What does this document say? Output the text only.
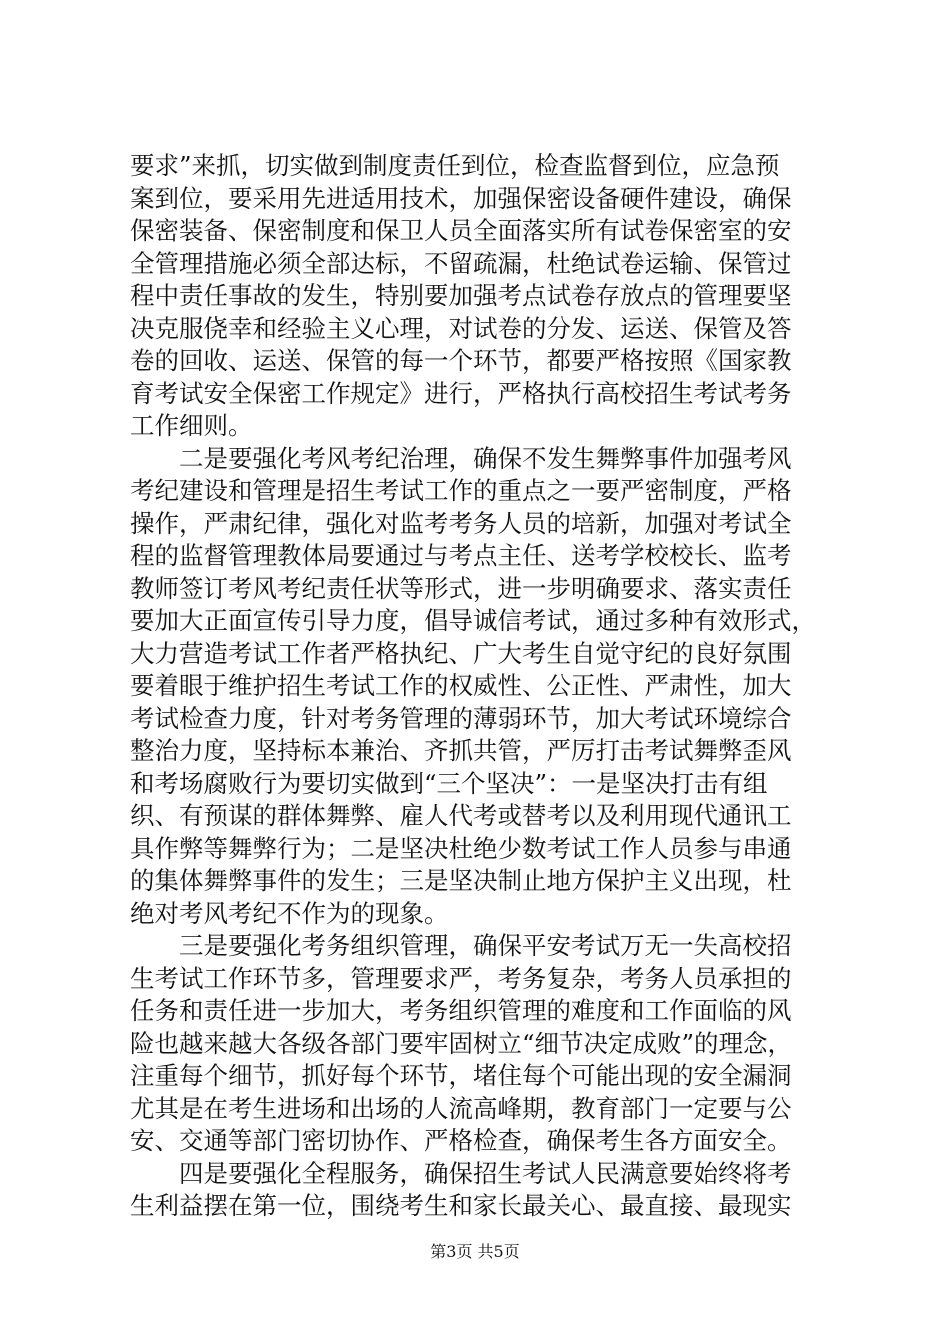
要求”来抓，切实做到制度责任到位，检查监督到位，应急预
案到位，要采用先进适用技术，加强保密设备硬件建设，确保
保密装备、保密制度和保卫人员全面落实所有试卷保密室的安
全管理措施必须全部达标，不留疏漏，杜绝试卷运输、保管过
程中责任事故的发生，特别要加强考点试卷存放点的管理要坚
决克服侥幸和经验主义心理，对试卷的分发、运送、保管及答
卷的回收、运送、保管的每一个环节，都要严格按照《国家教
育考试安全保密工作规定》进行，严格执行高校招生考试考务
工作细则。
二是要强化考风考纪治理，确保不发生舞弊事件加强考风
考纪建设和管理是招生考试工作的重点之一要严密制度，严格
操作，严肃纪律，强化对监考考务人员的培新，加强对考试全
程的监督管理教体局要通过与考点主任、送考学校校长、监考
教师签订考风考纪责任状等形式，进一步明确要求、落实责任
要加大正面宣传引导力度，倡导诚信考试，通过多种有效形式，
大力营造考试工作者严格执纪、广大考生自觉守纪的良好氛围
要着眼于维护招生考试工作的权威性、公正性、严肃性，加大
考试检查力度，针对考务管理的薄弱环节，加大考试环境综合
整治力度，坚持标本兼治、齐抓共管，严厉打击考试舞弊歪风
和考场腐败行为要切实做到“三个坚决”：一是坚决打击有组
织、有预谋的群体舞弊、雇人代考或替考以及利用现代通讯工
具作弊等舞弊行为；二是坚决杜绝少数考试工作人员参与串通
的集体舞弊事件的发生；三是坚决制止地方保护主义出现，杜
绝对考风考纪不作为的现象。
三是要强化考务组织管理，确保平安考试万无一失高校招
生考试工作环节多，管理要求严，考务复杂，考务人员承担的
任务和责任进一步加大，考务组织管理的难度和工作面临的风
险也越来越大各级各部门要牢固树立“细节决定成败”的理念，
注重每个细节，抓好每个环节，堵住每个可能出现的安全漏洞
尤其是在考生进场和出场的人流高峰期，教育部门一定要与公
安、交通等部门密切协作、严格检查，确保考生各方面安全。
四是要强化全程服务，确保招生考试人民满意要始终将考
生利益摆在第一位，围绕考生和家长最关心、最直接、最现实
第3页 共5页
